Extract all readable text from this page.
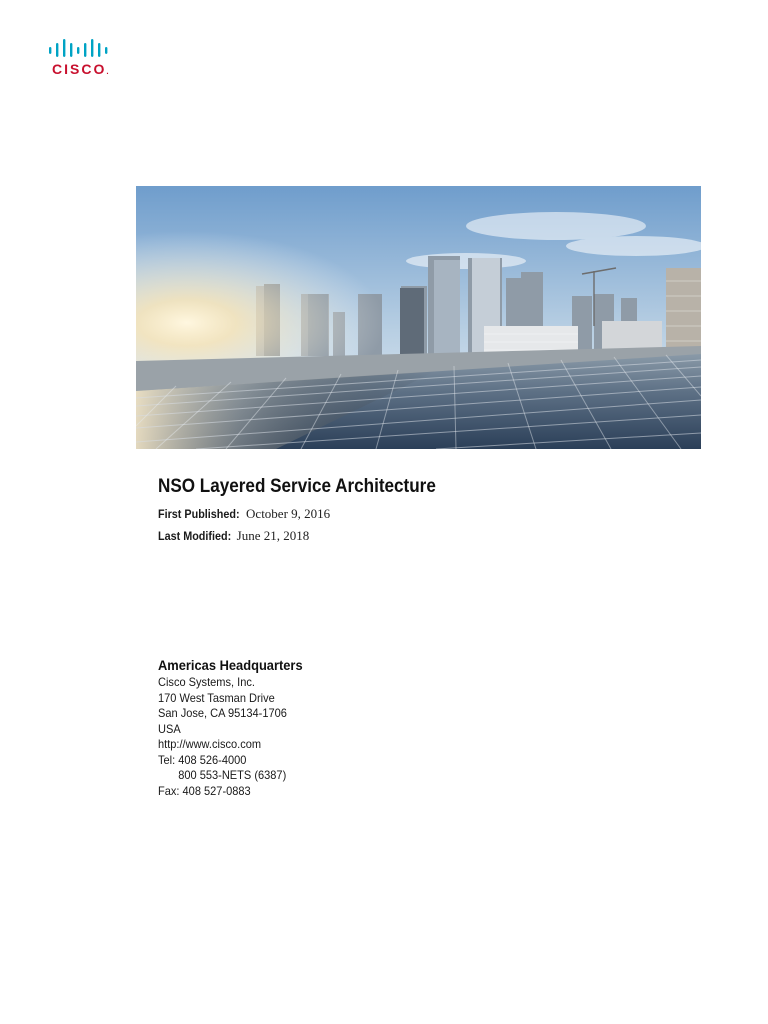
CISCO.
NSO Layered Service Architecture
First Published: October 9, 2016
Last Modified: June 21, 2018
Americas Headquarters
Cisco Systems, Inc.
170 West Tasman Drive
San Jose, CA 95134-1706
USA
http://www.cisco.com
Tel: 408 526-4000
800 553-NETS (6387)
Fax: 408 527-0883
